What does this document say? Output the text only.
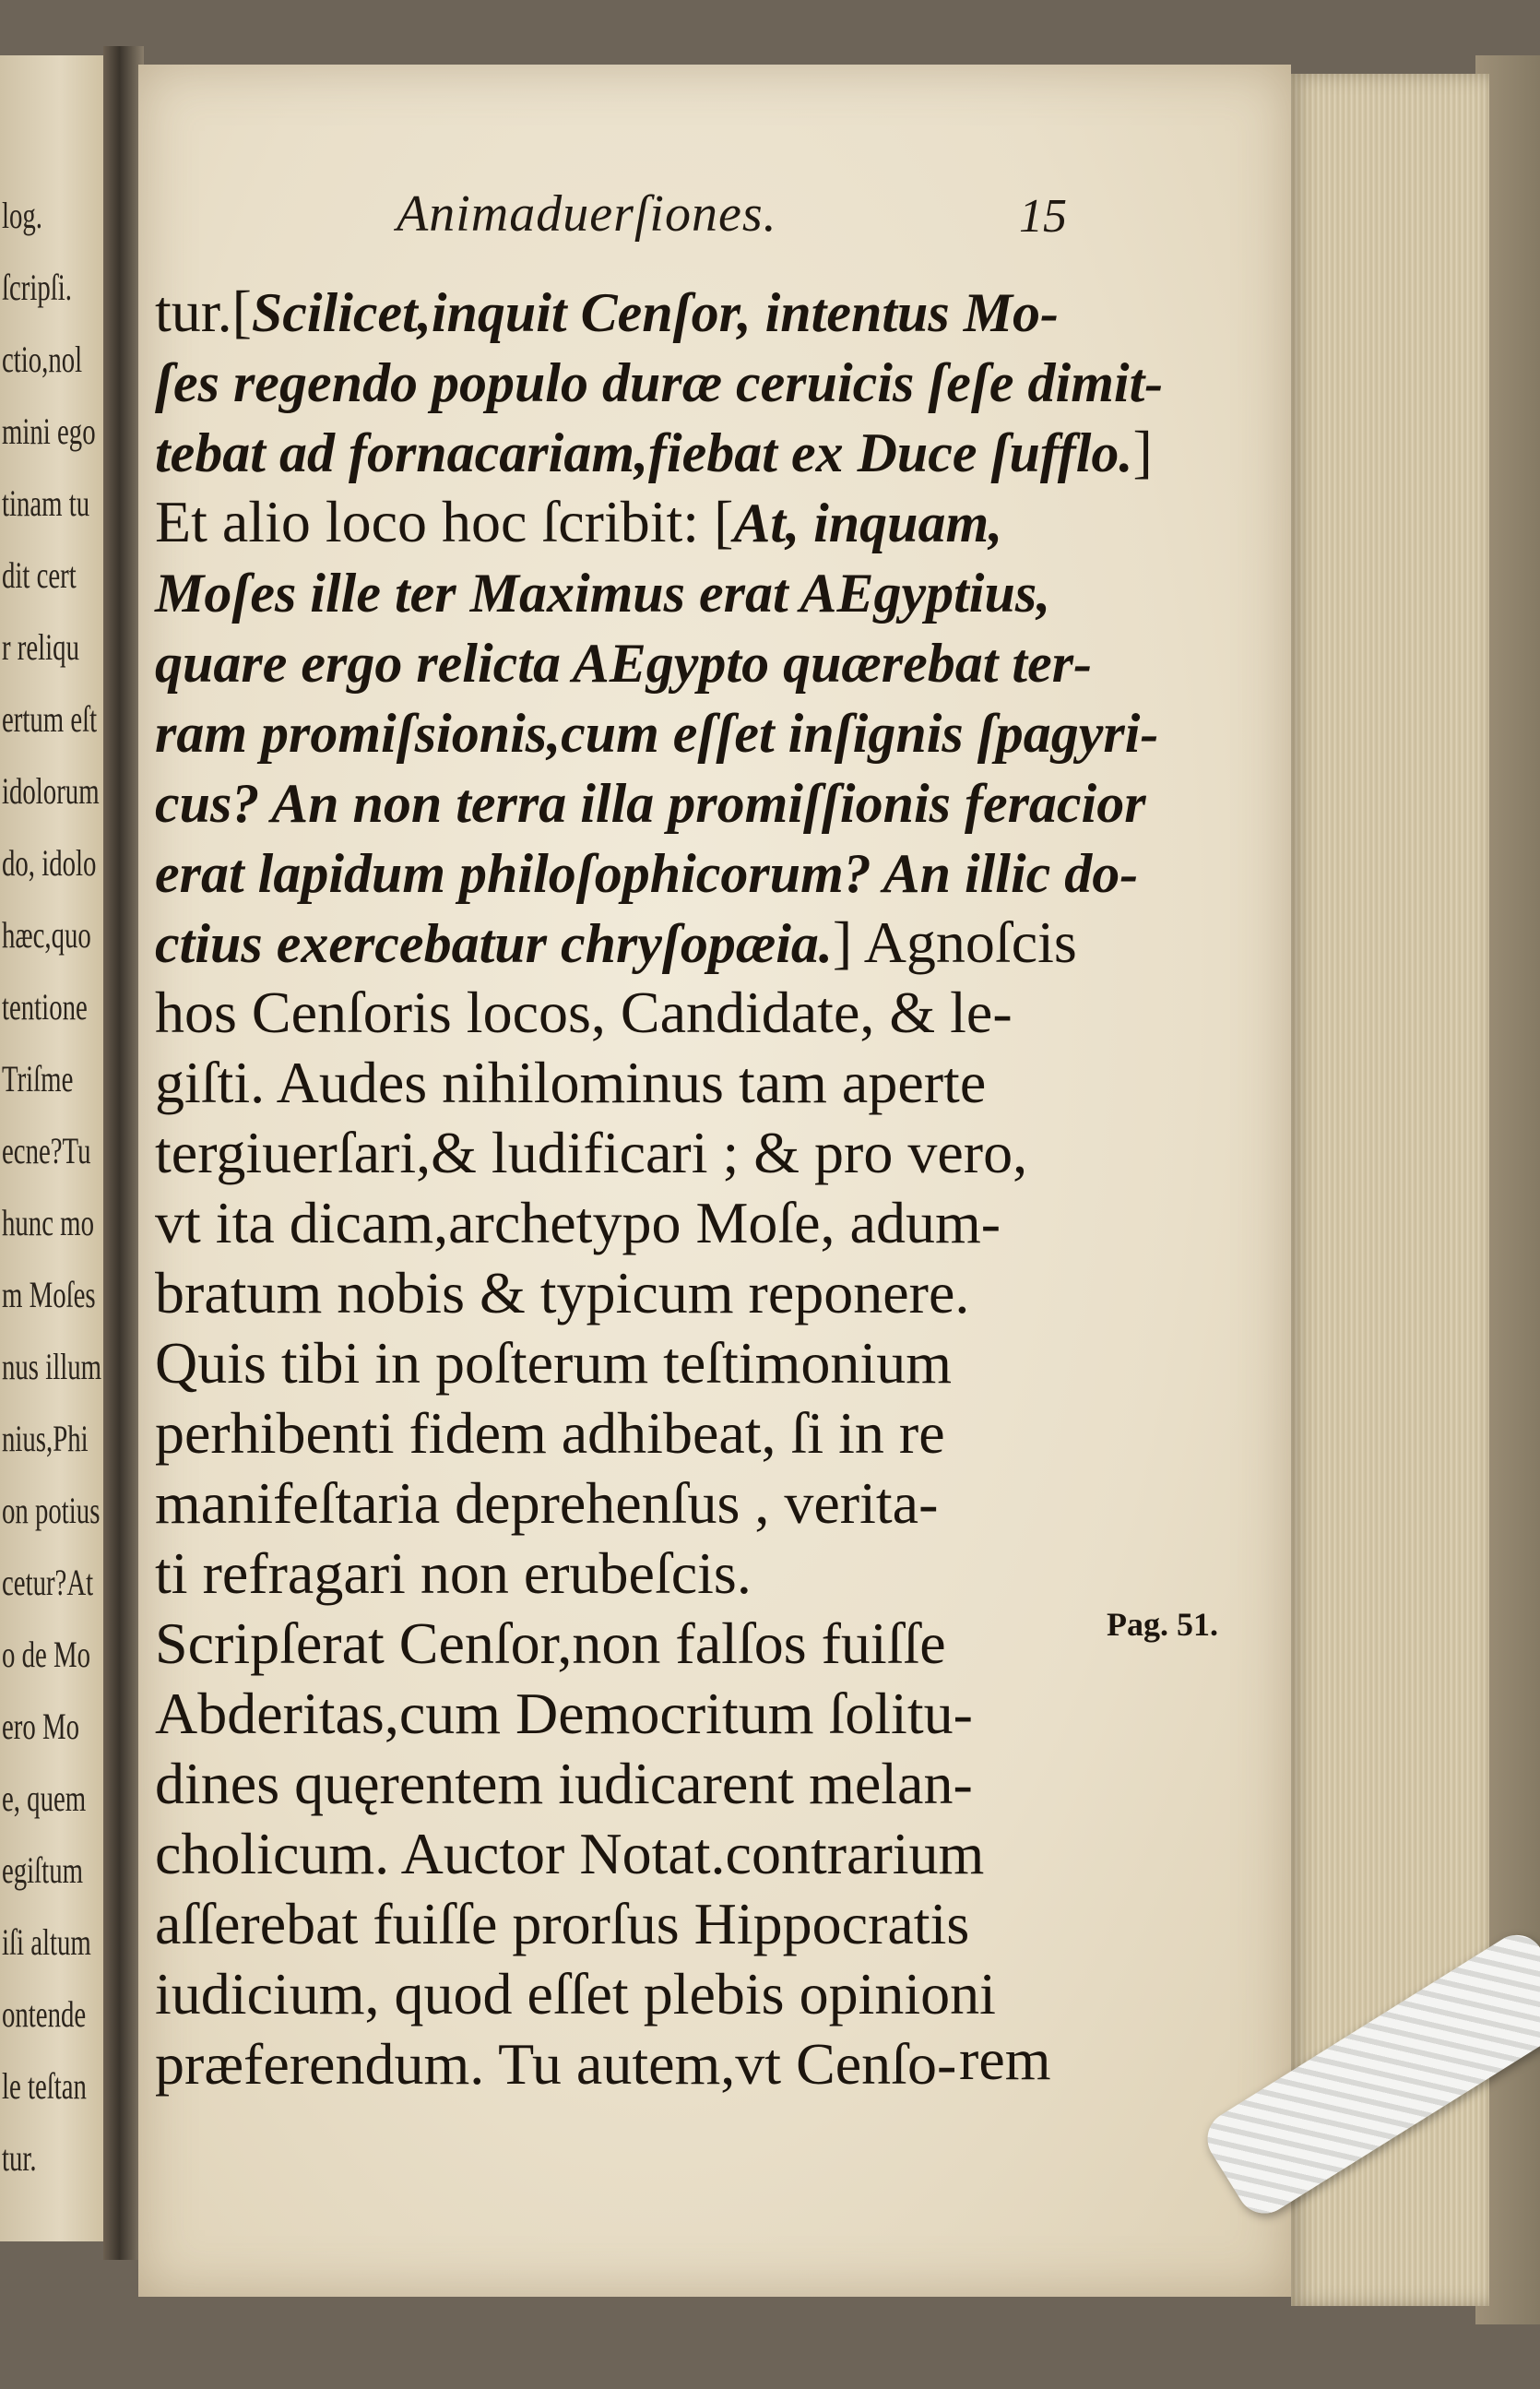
log.
ſcripſi.
ctio,nol
mini ego
tinam tu
dit cert
r reliqu
ertum eſt
idolorum
do, idolo
hæc,quo
tentione
Triſme
ecne?Tu
hunc mo
m Moſes
nus illum
nius,Phi
on potius
cetur?At
o de Mo
ero Mo
e, quem
egiſtum
iſi altum
ontende
le teſtan
tur.
Animaduerſiones.	15
tur.[Scilicet,inquit Cenſor, intentus Mo-
ſes regendo populo duræ ceruicis ſeſe dimit-
tebat ad fornacariam,fiebat ex Duce ſufflo.]
Et alio loco hoc ſcribit: [At, inquam,
Moſes ille ter Maximus erat AEgyptius,
quare ergo relicta AEgypto quærebat ter-
ram promiſsionis,cum eſſet inſignis ſpagyri-
cus? An non terra illa promiſſionis feracior
erat lapidum philoſophicorum? An illic do-
ctius exercebatur chryſopæia.] Agnoſcis
hos Cenſoris locos, Candidate, & le-
giſti. Audes nihilominus tam aperte
tergiuerſari,& ludificari ; & pro vero,
vt ita dicam,archetypo Moſe, adum-
bratum nobis & typicum reponere.
Quis tibi in poſterum teſtimonium
perhibenti fidem adhibeat, ſi in re
manifeſtaria deprehenſus , verita-
ti refragari non erubeſcis.
Scripſerat Cenſor,non falſos fuiſſe
Abderitas,cum Democritum ſolitu-
dines quęrentem iudicarent melan-
cholicum. Auctor Notat.contrarium
aſſerebat fuiſſe prorſus Hippocratis
iudicium, quod eſſet plebis opinioni
præferendum. Tu autem,vt Cenſo-
Pag. 51.
rem
